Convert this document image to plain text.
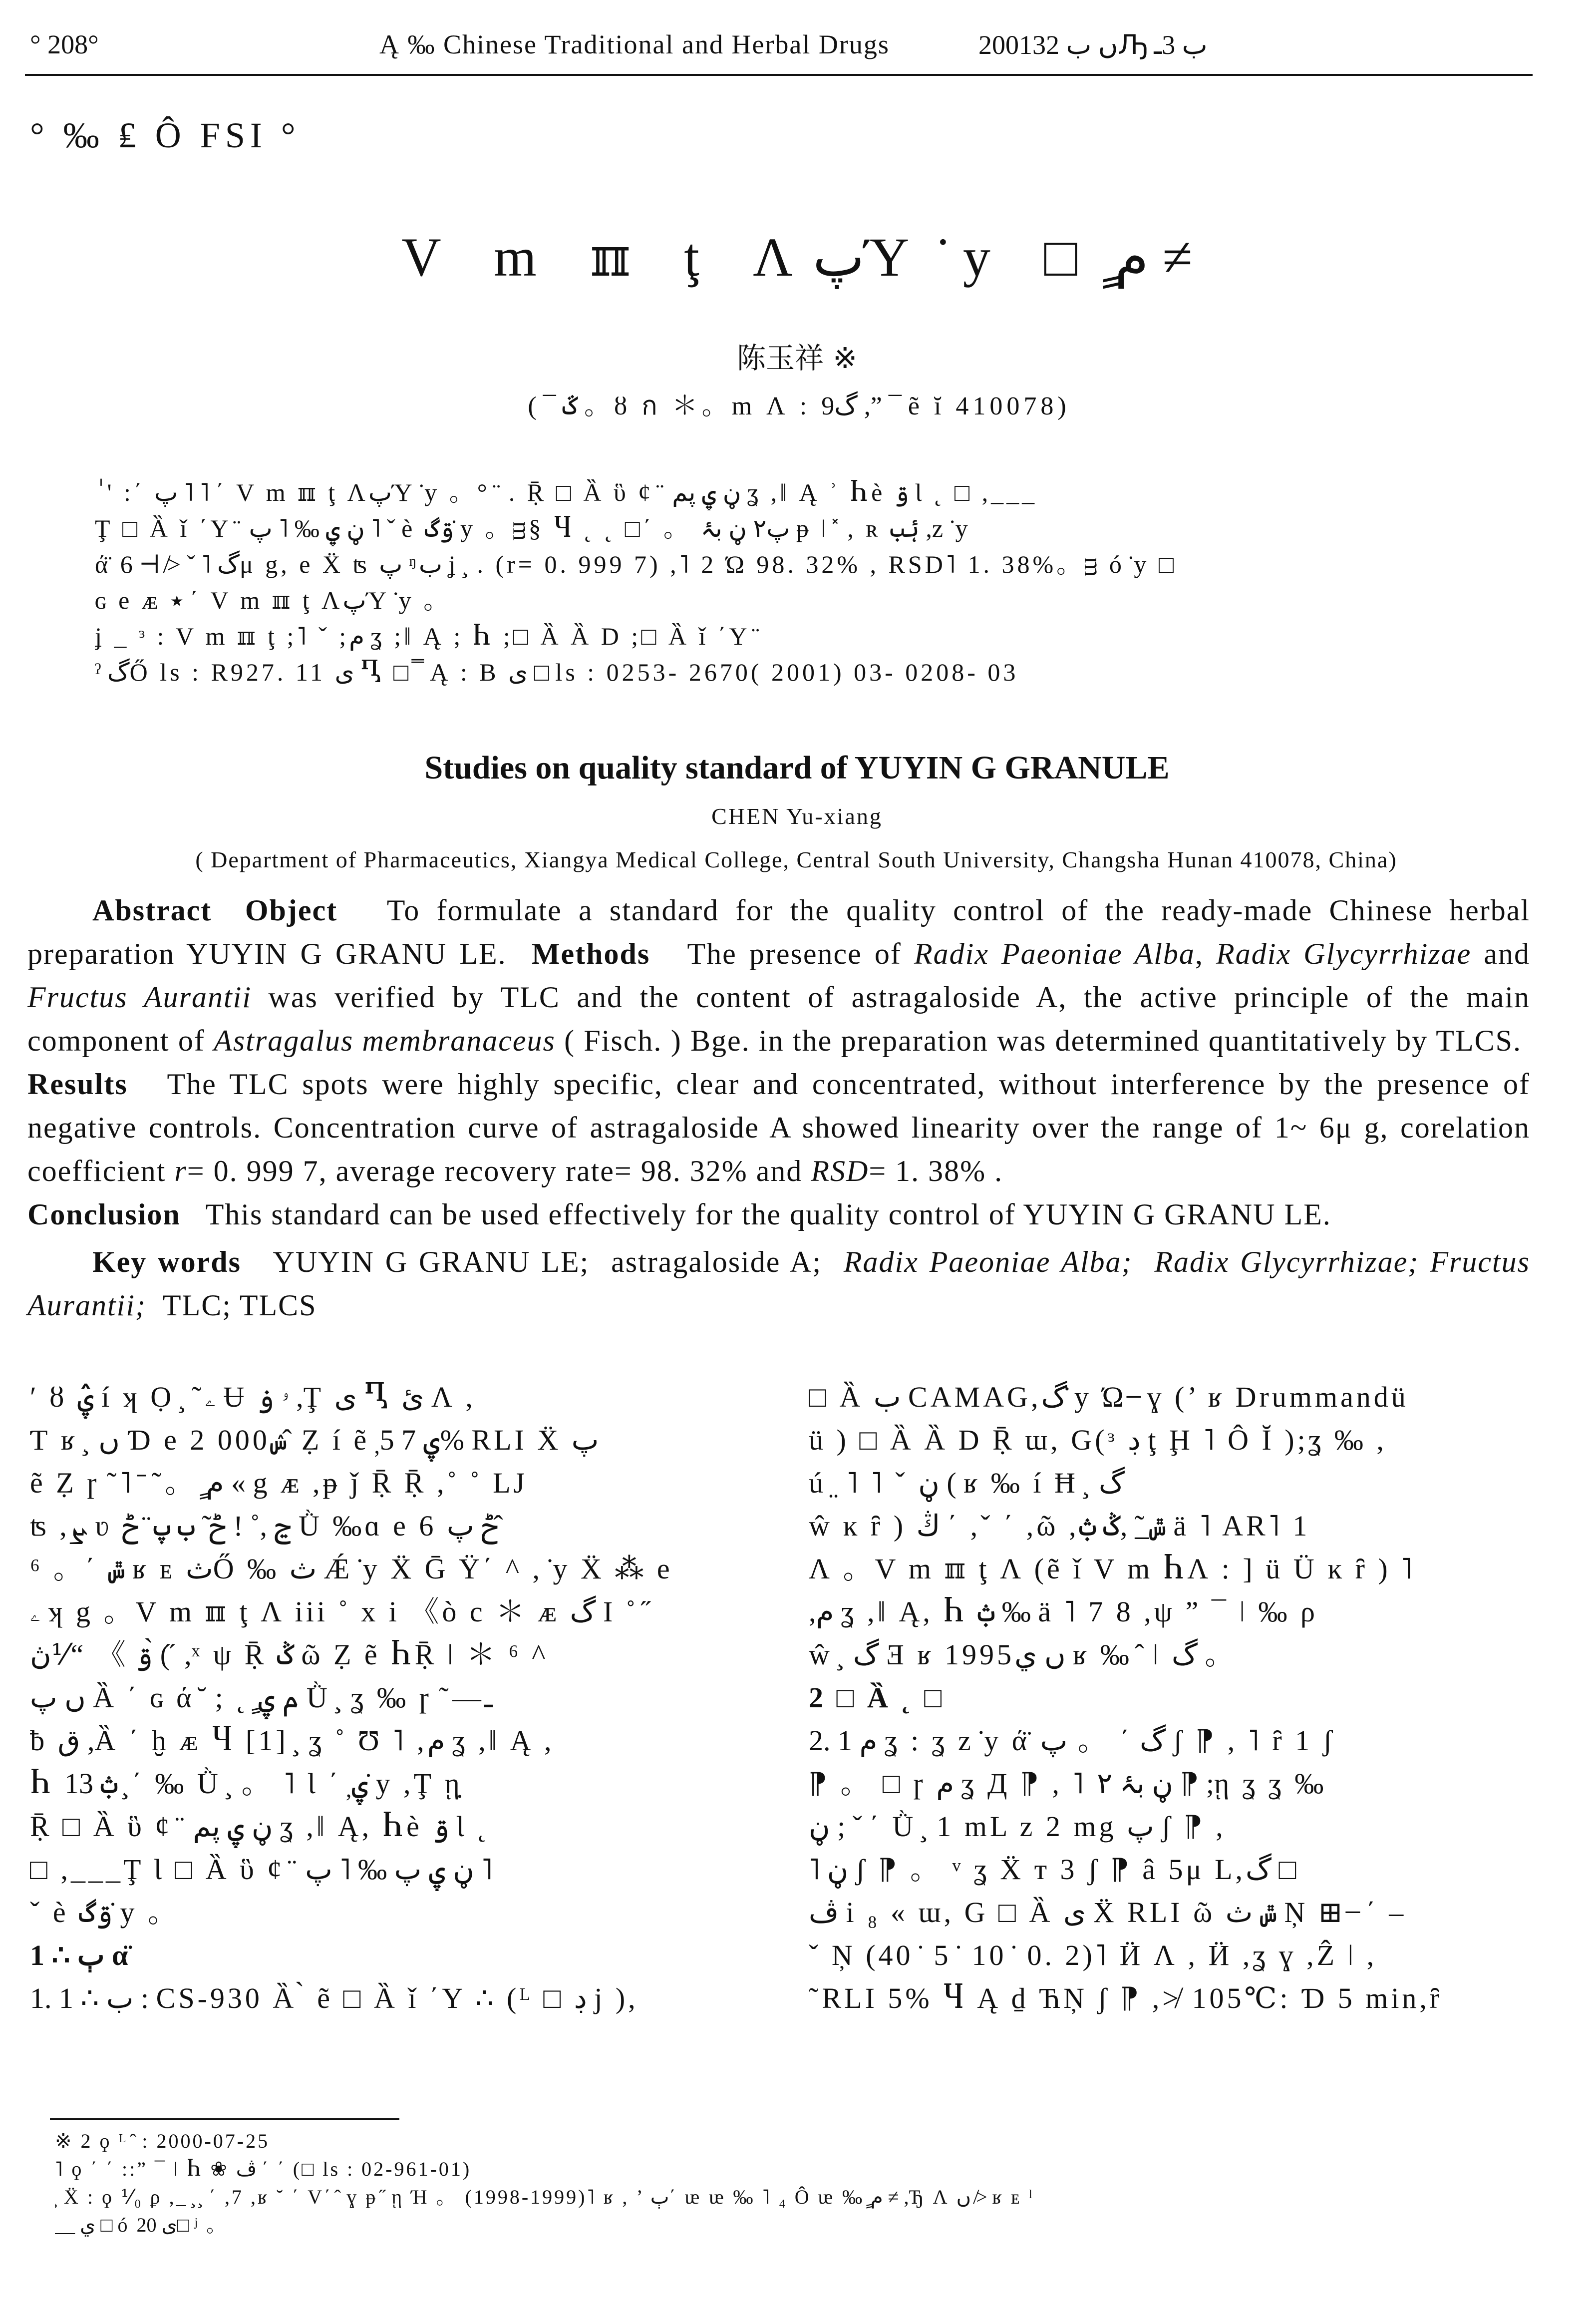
° 208°	Ą ‰ Chinese Traditional and Herbal Drugs	2001ں ب 32Ԡ ب 3ـ
° ‰ ₤ Ô FSI °
V m ℼ ţ ɅپΎ ̇y □ ٍم ≠
陈玉祥 ※
( ¯ ػ 。ȣ ก ＊。m Ʌ : گ9 ,” ¯ ẽ ĭ 410078)
ٰ ' :΄ پ ˥ ˥ ΄ V m ℼ ţ ɅپΎ ̇y 。° ̈ . Ṝ □ Ȁ ὓ ȼ ̈ ڼ ۑ پم ʓ ,‖ Ą ʾ Ⴙè ۊ Ɩ ˛ □ ,___
Ţ □ Ȁ ǐ ΄Y ̈ ڼ ۑ ‰ ˥ پ ˥ ˇ è ۊگ ̇y 。ᴟ§ Ⴗ ˛ ˛ □΄ 。 پ۲ ڼ بۂ ᵽ ǀ ̽ , ʀ ۂب ,z ̇y
ά̈ گ ˥ ˇ ≯ ⊢ 6μ g, e Ẍ ʦ پ ᵑب ʝ ̧ . (r= 0. 999 7) ,˥ 2 Ώ 98. 32% , RSD˥ 1. 38%。ᴟ ó ̇y □
ɢ e ᴁ ٭ ΄ V m ℼ ţ ɅپΎ ̇y 。
ʝ _ ᵌ : V m ℼ ţ ;˥ ˇ ;م ʓ ;‖ Ą ; Ⴙ ;□ Ȁ Ȁ D ;□ Ȁ ǐ ΄Y ̈
ˀ گŐ ls : R927. 11 ی Ⴂ □ ̿ Ą : B ی □ ls : 0253- 2670( 2001) 03- 0208- 03
Studies on quality standard of YUYIN G GRANULE
CHEN Yu-xiang
( Department of Pharmaceutics, Xiangya Medical College, Central South University, Changsha Hunan 410078, China)

Abstract Object To formulate a standard for the quality control of the ready-made Chinese herbal preparation YUYIN G GRANU LE. Methods The presence of Radix Paeoniae Alba, Radix Glycyrrhizae and Fructus Aurantii was verified by TLC and the content of astragaloside A, the active principle of the main component of Astragalus membranaceus ( Fisch. ) Bge. in the preparation was determined quantitatively by TLCS.  Results The TLC spots were highly specific, clear and concentrated, without interference by the presence of negative controls. Concentration curve of astragaloside A showed linearity over the range of 1~ 6μ g, corelation coefficient r= 0. 999 7, average recovery rate= 98. 32% and RSD= 1. 38% .
Conclusion This standard can be used effectively for the quality control of YUYIN G GRANU LE.

Key words YUYIN G GRANU LE; astragaloside A; Radix Paeoniae Alba; Radix Glycyrrhizae; Fructus Aurantii; TLC; TLCS

ʹ ȣ ۑ̂ í ʞ Ọ ̧ ̃ ۦ Ʉ ۥ ۏ ,Ţ ی Ⴂ ئ Ʌ ,
Ƭ ʁ ̧ ں Ɗ e 2 000ݾ ̂ Ẓ í ẽ ̦ۑ 7 5% RLI Ẍ پ
ẽ Ẓ ɼ ̃ ˥ ̄ ̃ 。 ٍم « g ᴁ ,ᵽ ǰ Ṝ Ṝ ,˚ ˚ LJ
ʦ ,ܨ ʋ ڃ ,˚ ! ݲ ̃ ب پ ̈ ݲ Ǜ ‰ɑ e 6 ݲ پ ̂
⁶ 。΄ ݜ ʁ ᴇ ثŐ ‰ ث Ǽ ̇y Ẍ Ḡ Ÿ΄ ^ , ̇y Ẍ ⁂ e
ۦ ʞ g 。V m ℼ ţ Ʌ iii ˚ x i 《ò c ＊ ᴁ گ I ˚ ̋
ۊ 》 “⅟ڽ ̀( ̋ ,ˣ ψ Ṝ ݣ ῶ Ẓ ẽ ႹṜ ǀ ＊ ⁶ ^
ں پ Ȁ ΄ ɢ ά ̆ ; ˛ ٍم ۑ Ǜ ̧ ʓ ‰ ɼ ̃ —ـ
ƀ ق ,Ȁ ΄ ḫ ᴁ Ⴗ [1] ̧ ʓ ˚ Ʊ ˥ ,م ʓ ,‖ Ą ,
Ⴙ ݑ 13 ̧ ΄ ‰ Ǜ ̧ 。 ˥ Ɩ ΄ ̦ۑ ̇y ,Ţ ῃ̣
Ṝ □ Ȁ ὓ ȼ ̈ ڼ ۑ پم ʓ ,‖ Ą, Ⴙè ۊ Ɩ ˛
□ ,___Ţ Ɩ □ Ȁ ὓ ȼ ̈ ڼ ۑ پ ‰ ˥ پ ˥
ˇ è ۊگ ̇y 。
1 ∴ ٻ α̈
1. 1 ∴ ب : CS-930 Ȁ ̀ ẽ □ Ȁ ǐ ΄Y ∴ (ᴸ □ ڊ j ),
□ Ȁ ب CAMAG,گ ̇y Ώ ̶ ɣ (’ ʁ Drummandü
ü ) □ Ȁ Ȁ D Ṝ ɯ, G(ᵌ ڊ ţ Ḩ ˥ Ô Ĭ );ʓ ‰ ,
ú ̤ ˥ ˥ ˇ ڼ ( ʁ ‰ í Ħ ̧ گ
ŵ ĸ ȓ ) ڭ ΄ ,ˇ ΄ ,ῶ ,ݜ ̲ ̃ ,ݣ ݑ ä ˥ AR˥ 1
Ʌ 。V m ℼ ţ Ʌ (ẽ ǐ V m ႹɅ : ] ü Ü ĸ ȓ ) ˥
,م ʓ ,‖ Ą, Ⴙ ݑ ‰ ä ˥ 7 8 ,ψ ” ¯ ǀ ‰ ρ
ŵ ̧ گ Ǝ ʁ 1995ں ي ʁ ‰ ̂ ǀ گ 。
2 □ Ȁ ˛ □
2. 1 م ʓ : ʓ z ̇y ά̈ گ ΄ 。 پ ʃ ⁋ , ˥ ȓ 1 ʃ
⁋ 。 □ ɼ م ʓ Д ⁋ , ˥ ۲ ڼ بۂ ⁋ ;ῃ ʓ ʓ ‰
ڼ ; ˇ ΄ Ǜ ̧ 1 mL z 2 mg پ ʃ ⁋ ,
˥ ڼ ʃ ⁋ 。 ᵛ ʓ Ẍ ᴛ 3 ʃ ⁋ â 5μ L,گ □
ڤ i ₈ « ɯ, G □ Ȁ ی Ẍ RLI ῶ ݜ ث Ņ ⊞ ̶ ΄ –
ˇ Ņ (40 ̇ 5 ̇ 10 ̇ 0. 2)˥ Ӥ Ʌ , Ӥ ,ʓ ɣ ,Ẑ ǀ ,
̃ RLI 5% Ⴗ Ą ḏ ЋŅ ʃ ⁋ ,≯ 105℃: Ɗ 5 min,ȓ
※ 2 ϙ ᴸ ̂ : 2000-07-25
˥ ϙ ΄ ΄ ::” ¯ ǀ Ⴙ ❀ ڤ ΄ ΄ (□ ls : 02-961-01)
̧ Ẍ : ϙ ⅟₀ ϼ ,_ ̧ ̧ ΄ ,7 ,ʁ ˘ ΄ V΄ ̂ ɣ ᵽ ̋ ῃ Ή 。 (1998-1999)˥ ʁ , ’ ٻ΄ ᵫ ᵫ ‰ ˥ ₄ Ô ᵫ ‰ ٍم ≠ ,Ђ Ʌ ں ≯ ʁ ᴇ ˡ
__ ي □ ó ی 20□ ʲ 。
